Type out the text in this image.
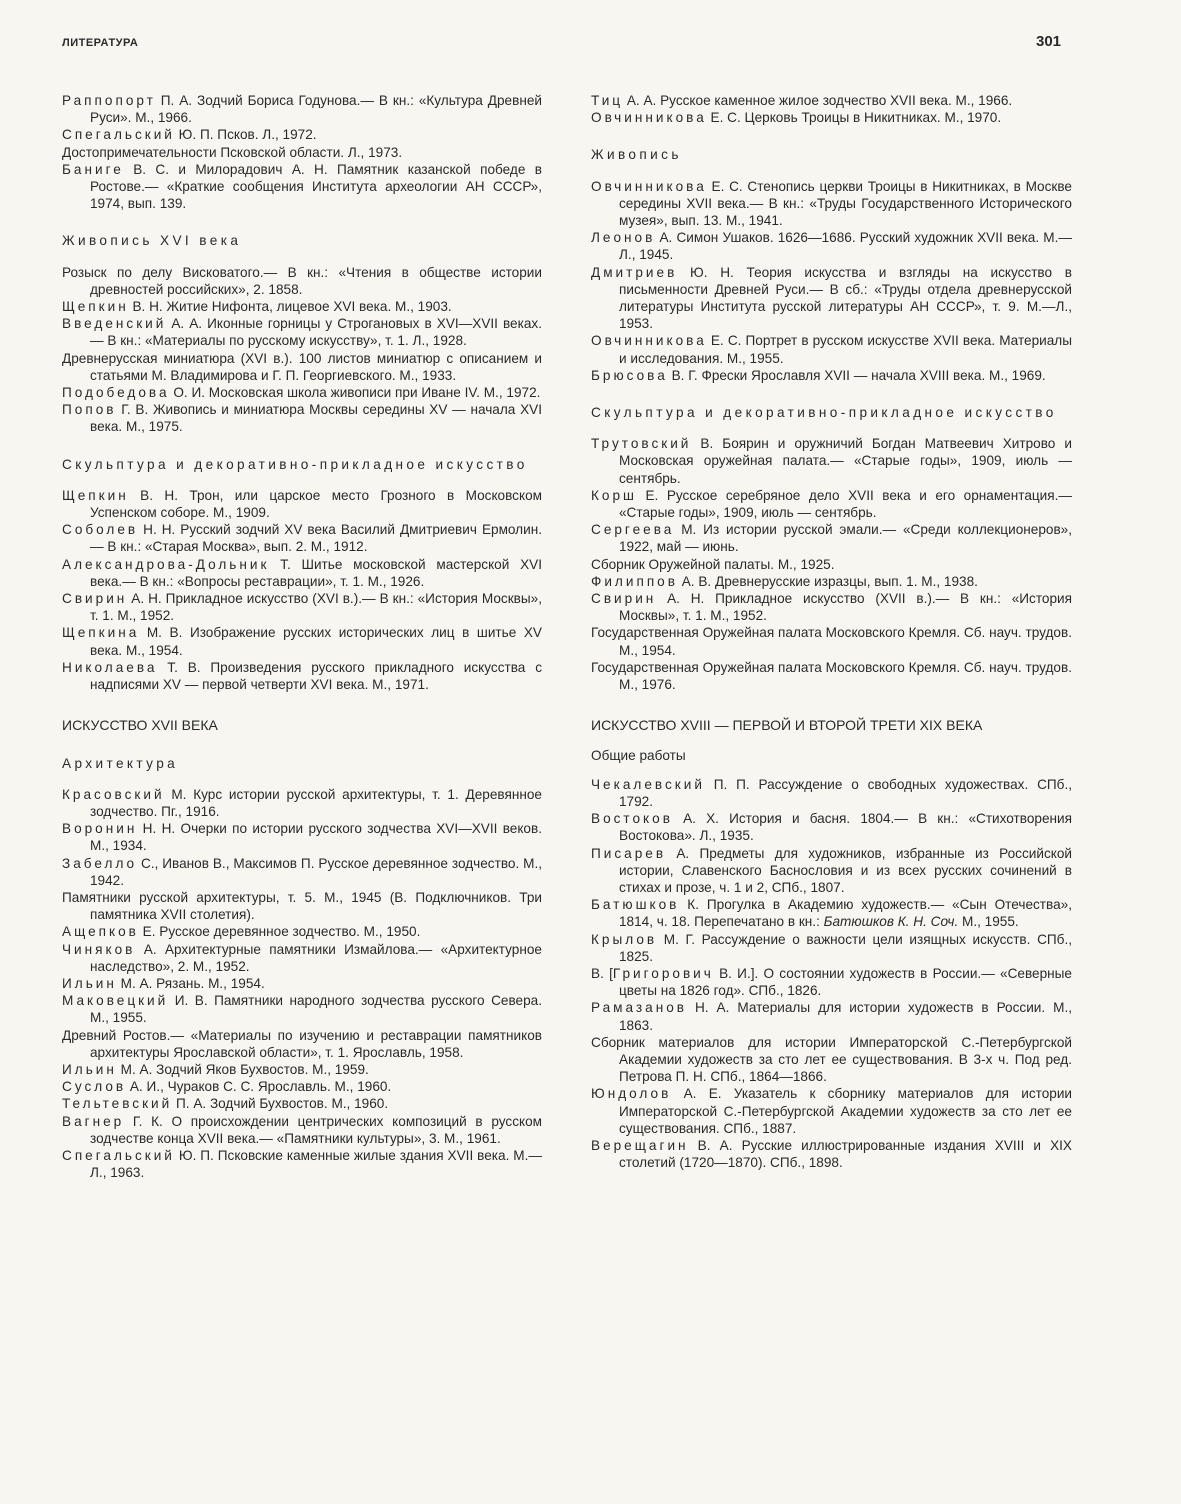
ЛИТЕРАТУРА	301

Раппопорт П. А. Зодчий Бориса Годунова.— В кн.: «Культура Древней Руси». М., 1966.

Спегальский Ю. П. Псков. Л., 1972.

Достопримечательности Псковской области. Л., 1973.

Баниге В. С. и Милорадович А. Н. Памятник казанской победе в Ростове.— «Краткие сообщения Института археологии АН СССР», 1974, вып. 139.

Живопись XVI века

Розыск по делу Висковатого.— В кн.: «Чтения в обществе истории древностей российских», 2. 1858.

Щепкин В. Н. Житие Нифонта, лицевое XVI века. М., 1903.

Введенский А. А. Иконные горницы у Строгановых в XVI—XVII веках.— В кн.: «Материалы по русскому искусству», т. 1. Л., 1928.

Древнерусская миниатюра (XVI в.). 100 листов миниатюр с описанием и статьями М. Владимирова и Г. П. Георгиевского. М., 1933.

Подобедова О. И. Московская школа живописи при Иване IV. М., 1972.

Попов Г. В. Живопись и миниатюра Москвы середины XV — начала XVI века. М., 1975.

Скульптура и декоративно-прикладное искусство

Щепкин В. Н. Трон, или царское место Грозного в Московском Успенском соборе. М., 1909.

Соболев Н. Н. Русский зодчий XV века Василий Дмитриевич Ермолин.— В кн.: «Старая Москва», вып. 2. М., 1912.

Александрова-Дольник Т. Шитье московской мастерской XVI века.— В кн.: «Вопросы реставрации», т. 1. М., 1926.

Свирин А. Н. Прикладное искусство (XVI в.).— В кн.: «История Москвы», т. 1. М., 1952.

Щепкина М. В. Изображение русских исторических лиц в шитье XV века. М., 1954.

Николаева Т. В. Произведения русского прикладного искусства с надписями XV — первой четверти XVI века. М., 1971.

ИСКУССТВО XVII ВЕКА
Архитектура

Красовский М. Курс истории русской архитектуры, т. 1. Деревянное зодчество. Пг., 1916.

Воронин Н. Н. Очерки по истории русского зодчества XVI—XVII веков. М., 1934.

Забелло С., Иванов В., Максимов П. Русское деревянное зодчество. М., 1942.

Памятники русской архитектуры, т. 5. М., 1945 (В. Подключников. Три памятника XVII столетия).

Ащепков Е. Русское деревянное зодчество. М., 1950.

Чиняков А. Архитектурные памятники Измайлова.— «Архитектурное наследство», 2. М., 1952.

Ильин М. А. Рязань. М., 1954.

Маковецкий И. В. Памятники народного зодчества русского Севера. М., 1955.

Древний Ростов.— «Материалы по изучению и реставрации памятников архитектуры Ярославской области», т. 1. Ярославль, 1958.

Ильин М. А. Зодчий Яков Бухвостов. М., 1959.

Суслов А. И., Чураков С. С. Ярославль. М., 1960.

Тельтевский П. А. Зодчий Бухвостов. М., 1960.

Вагнер Г. К. О происхождении центрических композиций в русском зодчестве конца XVII века.— «Памятники культуры», 3. М., 1961.

Спегальский Ю. П. Псковские каменные жилые здания XVII века. М.—Л., 1963.

Тиц А. А. Русское каменное жилое зодчество XVII века. М., 1966.

Овчинникова Е. С. Церковь Троицы в Никитниках. М., 1970.

Живопись

Овчинникова Е. С. Стенопись церкви Троицы в Никитниках, в Москве середины XVII века.— В кн.: «Труды Государственного Исторического музея», вып. 13. М., 1941.

Леонов А. Симон Ушаков. 1626—1686. Русский художник XVII века. М.—Л., 1945.

Дмитриев Ю. Н. Теория искусства и взгляды на искусство в письменности Древней Руси.— В сб.: «Труды отдела древнерусской литературы Института русской литературы АН СССР», т. 9. М.—Л., 1953.

Овчинникова Е. С. Портрет в русском искусстве XVII века. Материалы и исследования. М., 1955.

Брюсова В. Г. Фрески Ярославля XVII — начала XVIII века. М., 1969.

Скульптура и декоративно-прикладное искусство

Трутовский В. Боярин и оружничий Богдан Матвеевич Хитрово и Московская оружейная палата.— «Старые годы», 1909, июль — сентябрь.

Корш Е. Русское серебряное дело XVII века и его орнаментация.— «Старые годы», 1909, июль — сентябрь.

Сергеева М. Из истории русской эмали.— «Среди коллекционеров», 1922, май — июнь.

Сборник Оружейной палаты. М., 1925.

Филиппов А. В. Древнерусские изразцы, вып. 1. М., 1938.

Свирин А. Н. Прикладное искусство (XVII в.).— В кн.: «История Москвы», т. 1. М., 1952.

Государственная Оружейная палата Московского Кремля. Сб. науч. трудов. М., 1954.

Государственная Оружейная палата Московского Кремля. Сб. науч. трудов. М., 1976.

ИСКУССТВО XVIII — ПЕРВОЙ И ВТОРОЙ ТРЕТИ XIX ВЕКА
Общие работы

Чекалевский П. П. Рассуждение о свободных художествах. СПб., 1792.

Востоков А. Х. История и басня. 1804.— В кн.: «Стихотворения Востокова». Л., 1935.

Писарев А. Предметы для художников, избранные из Российской истории, Славенского Баснословия и из всех русских сочинений в стихах и прозе, ч. 1 и 2, СПб., 1807.

Батюшков К. Прогулка в Академию художеств.— «Сын Отечества», 1814, ч. 18. Перепечатано в кн.: Батюшков К. Н. Соч. М., 1955.

Крылов М. Г. Рассуждение о важности цели изящных искусств. СПб., 1825.

В. [Григорович В. И.]. О состоянии художеств в России.— «Северные цветы на 1826 год». СПб., 1826.

Рамазанов Н. А. Материалы для истории художеств в России. М., 1863.

Сборник материалов для истории Императорской С.-Петербургской Академии художеств за сто лет ее существования. В 3-х ч. Под ред. Петрова П. Н. СПб., 1864—1866.

Юндолов А. Е. Указатель к сборнику материалов для истории Императорской С.-Петербургской Академии художеств за сто лет ее существования. СПб., 1887.

Верещагин В. А. Русские иллюстрированные издания XVIII и XIX столетий (1720—1870). СПб., 1898.
